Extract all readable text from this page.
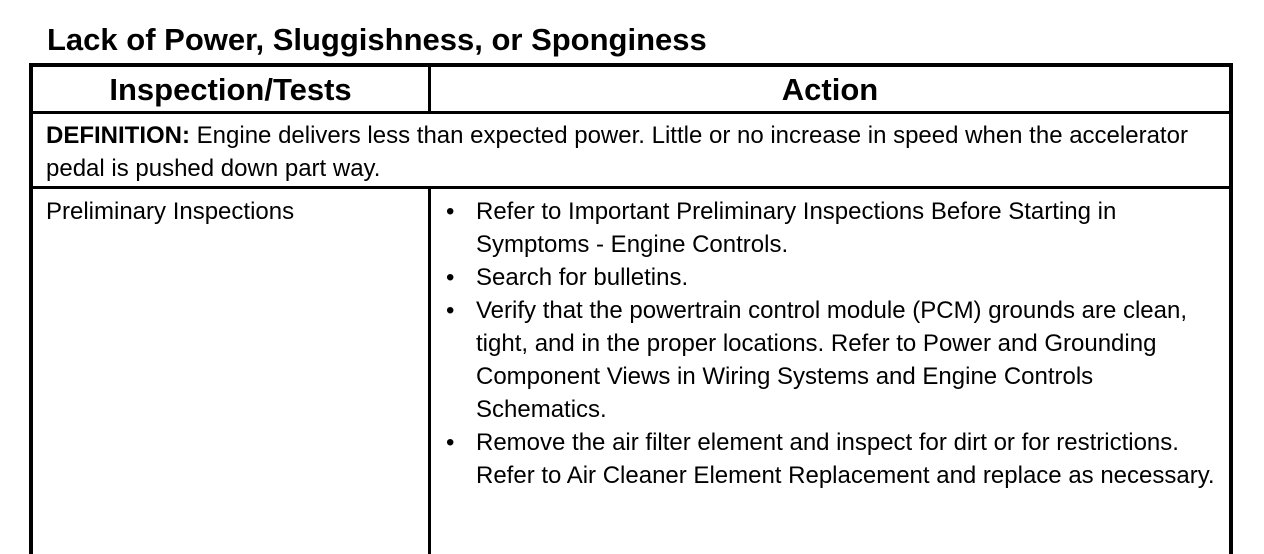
Lack of Power, Sluggishness, or Sponginess
Inspection/Tests	Action

DEFINITION: Engine delivers less than expected power. Little or no increase in speed when the accelerator pedal is pushed down part way.

Preliminary Inspections	• Refer to Important Preliminary Inspections Before Starting in Symptoms - Engine Controls.
• Search for bulletins.
• Verify that the powertrain control module (PCM) grounds are clean, tight, and in the proper locations. Refer to Power and Grounding Component Views in Wiring Systems and Engine Controls Schematics.
• Remove the air filter element and inspect for dirt or for restrictions. Refer to Air Cleaner Element Replacement and replace as necessary.
